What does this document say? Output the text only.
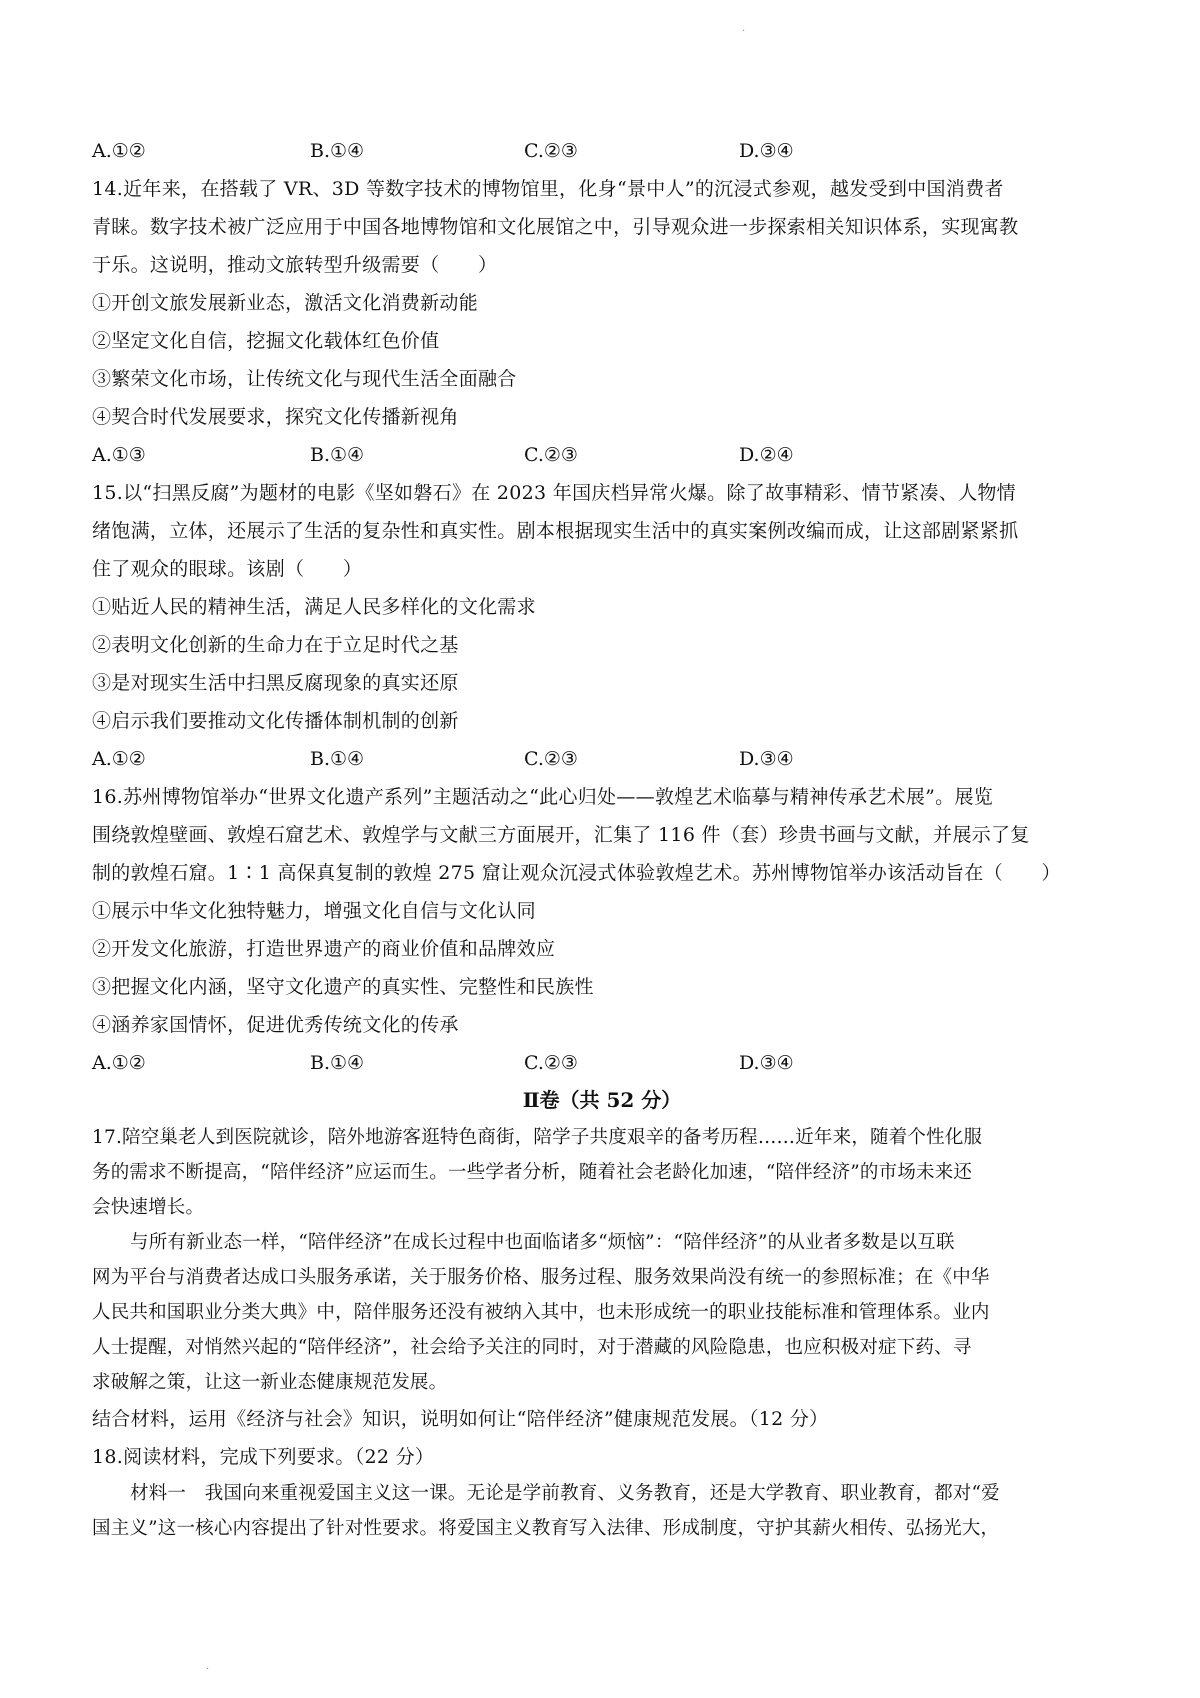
·
A.①②	B.①④	C.②③	D.③④
14.近年来，在搭载了 VR、3D 等数字技术的博物馆里，化身“景中人”的沉浸式参观，越发受到中国消费者
青睐。数字技术被广泛应用于中国各地博物馆和文化展馆之中，引导观众进一步探索相关知识体系，实现寓教
于乐。这说明，推动文旅转型升级需要（　　）
①开创文旅发展新业态，激活文化消费新动能
②坚定文化自信，挖掘文化载体红色价值
③繁荣文化市场，让传统文化与现代生活全面融合
④契合时代发展要求，探究文化传播新视角
A.①③	B.①④	C.②③	D.②④
15.以“扫黑反腐”为题材的电影《坚如磐石》在 2023 年国庆档异常火爆。除了故事精彩、情节紧凑、人物情
绪饱满，立体，还展示了生活的复杂性和真实性。剧本根据现实生活中的真实案例改编而成，让这部剧紧紧抓
住了观众的眼球。该剧（　　）
①贴近人民的精神生活，满足人民多样化的文化需求
②表明文化创新的生命力在于立足时代之基
③是对现实生活中扫黑反腐现象的真实还原
④启示我们要推动文化传播体制机制的创新
A.①②	B.①④	C.②③	D.③④
16.苏州博物馆举办“世界文化遗产系列”主题活动之“此心归处——敦煌艺术临摹与精神传承艺术展”。展览
围绕敦煌壁画、敦煌石窟艺术、敦煌学与文献三方面展开，汇集了 116 件（套）珍贵书画与文献，并展示了复
制的敦煌石窟。1∶1 高保真复制的敦煌 275 窟让观众沉浸式体验敦煌艺术。苏州博物馆举办该活动旨在（　　）
①展示中华文化独特魅力，增强文化自信与文化认同
②开发文化旅游，打造世界遗产的商业价值和品牌效应
③把握文化内涵，坚守文化遗产的真实性、完整性和民族性
④涵养家国情怀，促进优秀传统文化的传承
A.①②	B.①④	C.②③	D.③④
Ⅱ卷（共 52 分）
17.陪空巢老人到医院就诊，陪外地游客逛特色商街，陪学子共度艰辛的备考历程……近年来，随着个性化服
务的需求不断提高，“陪伴经济”应运而生。一些学者分析，随着社会老龄化加速，“陪伴经济”的市场未来还
会快速增长。
与所有新业态一样，“陪伴经济”在成长过程中也面临诸多“烦恼”：“陪伴经济”的从业者多数是以互联
网为平台与消费者达成口头服务承诺，关于服务价格、服务过程、服务效果尚没有统一的参照标准；在《中华
人民共和国职业分类大典》中，陪伴服务还没有被纳入其中，也未形成统一的职业技能标准和管理体系。业内
人士提醒，对悄然兴起的“陪伴经济”，社会给予关注的同时，对于潜藏的风险隐患，也应积极对症下药、寻
求破解之策，让这一新业态健康规范发展。
结合材料，运用《经济与社会》知识，说明如何让“陪伴经济”健康规范发展。（12 分）
18.阅读材料，完成下列要求。（22 分）
材料一　我国向来重视爱国主义这一课。无论是学前教育、义务教育，还是大学教育、职业教育，都对“爱
国主义”这一核心内容提出了针对性要求。将爱国主义教育写入法律、形成制度，守护其薪火相传、弘扬光大，
·
